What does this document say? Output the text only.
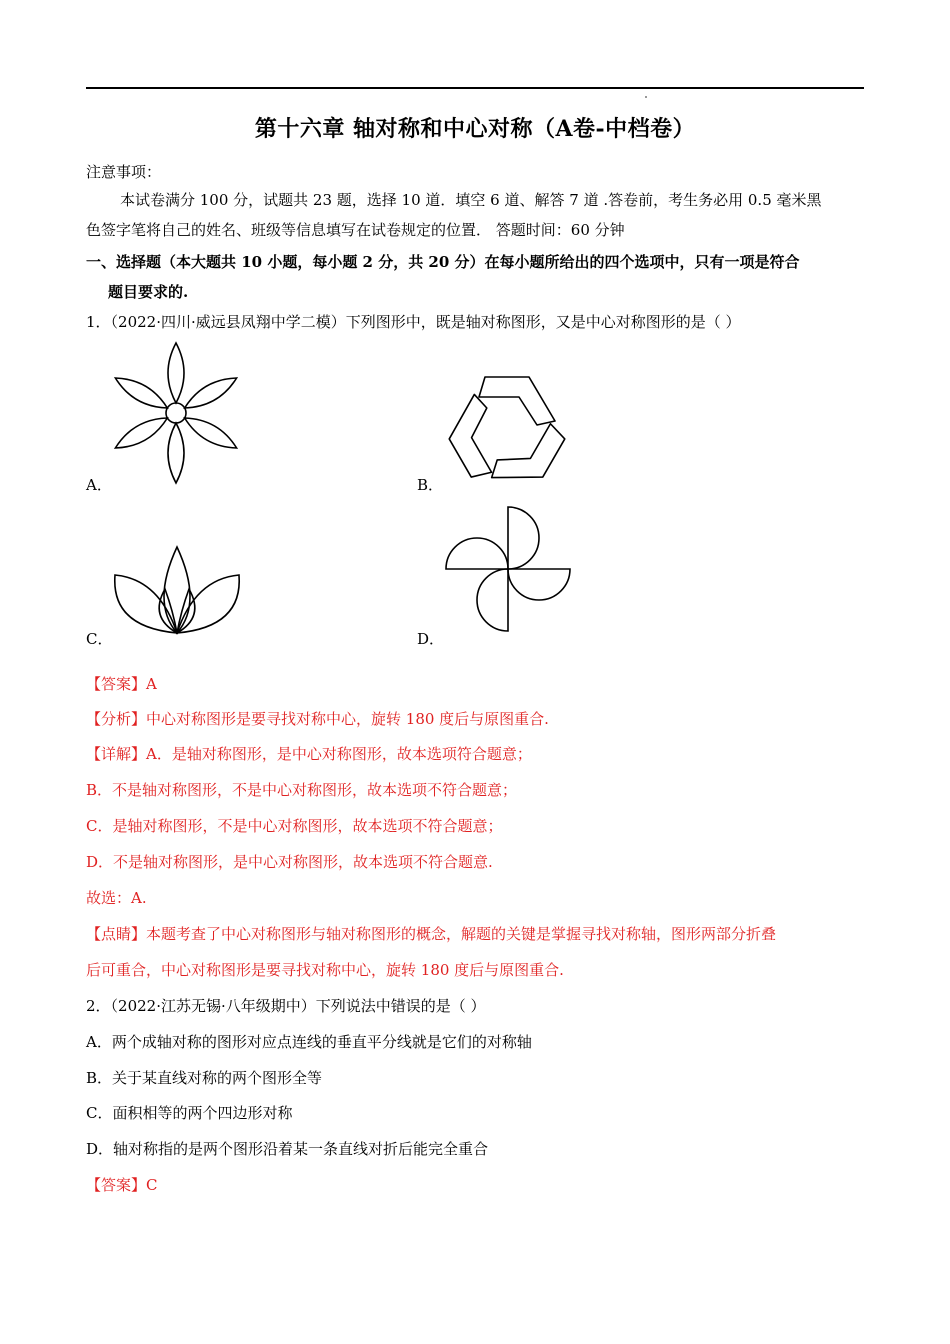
第十六章 轴对称和中心对称（A卷-中档卷）
注意事项：
本试卷满分 100 分，试题共 23 题，选择 10 道．填空 6 道、解答 7 道 .答卷前，考生务必用 0.5 毫米黑
色签字笔将自己的姓名、班级等信息填写在试卷规定的位置． 答题时间：60 分钟
一、选择题（本大题共 10 小题，每小题 2 分，共 20 分）在每小题所给出的四个选项中，只有一项是符合
题目要求的.
1．（2022·四川·威远县凤翔中学二模）下列图形中，既是轴对称图形，又是中心对称图形的是（ ）
A．	B．
C．	D．
【答案】A
【分析】中心对称图形是要寻找对称中心，旋转 180 度后与原图重合.
【详解】A．是轴对称图形，是中心对称图形，故本选项符合题意；
B．不是轴对称图形，不是中心对称图形，故本选项不符合题意；
C．是轴对称图形，不是中心对称图形，故本选项不符合题意；
D．不是轴对称图形，是中心对称图形，故本选项不符合题意.
故选：A.
【点睛】本题考查了中心对称图形与轴对称图形的概念，解题的关键是掌握寻找对称轴，图形两部分折叠
后可重合，中心对称图形是要寻找对称中心，旋转 180 度后与原图重合.
2．（2022·江苏无锡·八年级期中）下列说法中错误的是（ ）
A．两个成轴对称的图形对应点连线的垂直平分线就是它们的对称轴
B．关于某直线对称的两个图形全等
C．面积相等的两个四边形对称
D．轴对称指的是两个图形沿着某一条直线对折后能完全重合
【答案】C
